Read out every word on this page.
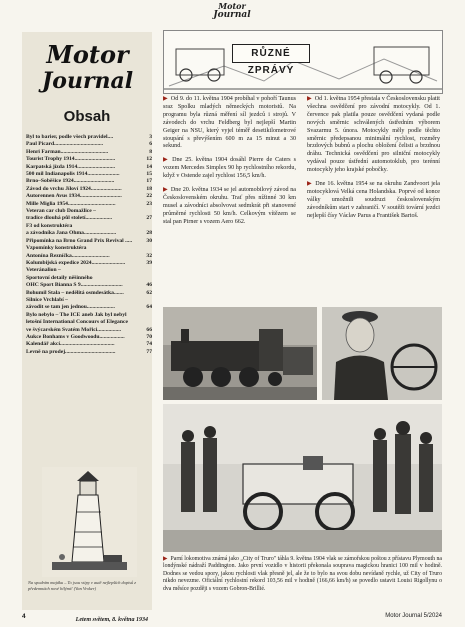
Motor
Journal
Motor
Journal
Obsah
Byl to barier, podle všech pravidel....	3
Paul Picard...................................	6
Henri Farman..................................	8
Tourist Trophy 1914.............................	12
Karpatská jízda 1914...........................	14
500 mil Indianapolis 1914.......................	15
Brno–Soběšice 1924.............................	17
Závod do vrchu Jíloví 1924......................	18
Autorennen Avus 1934..............................	22
Mille Miglia 1954..................................	23
Veteran car club Domažlice –
tradice dlouhá půl století...................	27
F3 od konstruktéra
a závodníka Jana Ohma.......................	28
Připomínka na Brno Grand Prix Revival .....	30
Vzpomínky konstruktéra
Antonína Řezníčka...........................	32
Kolumbijská expedice 2024........................	39
Veteránalion –
Sportovní detaily něšinného
OHC Sport Bianna S 9..............................	46
Bohumil Stala – nedělitá osmdesátka.......	62
Silnice Vrchlabí –
závodit se tam jen jednou....................	64
Bylo nebylo – The ICE aneb Jak byl nebyl
letošní International Concours of Elegance
ve švýcarském Svatém Mořici.................	66
Aukce Bonhams v Goodwoodu..................	70
Kalendář akcí.......................................	74
Levně na prodej....................................	77
Na spodním majáku – To jsou vtipy v autě nejlepších dopisů z předemnách nové bílými! (Van Vroker)
Letem světem, 8. května 1934
RŮZNÉ ZPRÁVY

▶ Od 9. do 11. května 1904 probíhal v pohoří Taunus sraz Spolku mladých německých motoristů. Na programu byla různá měření síl jezdců i strojů. V závodech do vrchu Feldberg byl nejlepší Martin Geiger na NSU, který vyjel téměř desetikilometrové stoupání s převýšením 600 m za 15 minut a 30 sekund.

▶ Dne 25. května 1904 dosáhl Pierre de Caters s vozem Mercedes Simplex 90 hp rychlostního rekordu, když v Ostende zajel rychlost 156,5 km/h.

▶ Dne 20. května 1934 se jel automobilový závod na Československém okruhu. Trať přes nížinné 30 km musel a závodníci absolvovat sedmkrát při stanovené průměrné rychlosti 50 km/h. Celkovým vítězem se stal pan Pirner s vozem Aero 662.

▶ Od 1. května 1954 přestala v Československu platit všechna osvědčení pro závodní motocykly. Od 1. července pak platila pouze osvědčení vydaná podle nových směrnic schválených ústředním výborem Svazarmu 5. února. Motocykly měly podle těchto směrnic předepsanou minimální rychlost, rozměry brzdových bubnů a plochu obložení čelisti a brzdnou dráhu. Technická osvědčení pro silniční motocykly vydával pouze ústřední automotoklub, pro terénní motocykly jeho krajské pobočky.

▶ Dne 16. května 1954 se na okruhu Zandvoort jela motocyklová Velká cena Holandska. Poprvé od konce války umožnili soudruzi československým závodníkům start v zahraničí. V soutěži tovární jezdci nejlepší čísy Václav Parus a František Bartoš.

▶ Parní lokomotiva známá jako „City of Truro" táhla 9. května 1904 vlak se zámořskou poštou z přístavu Plymouth na londýnské nádraží Paddington. Jako první vozidlo v historii překonala souprava magickou hranici 100 mil v hodině. Dodnes se vedou spory, jakou rychlosti vlak přesně jel, ale že to bylo na svou dobu nevídaně rychle, už City of Truro nikdo nevezme. Oficiální rychlostní rekord 103,56 mil v hodině (166,66 km/h) se povedlo ustavit Louisi Rigollynu o dva měsíce později s vozem Gobron-Brillié.
4	Motor Journal 5/2024
